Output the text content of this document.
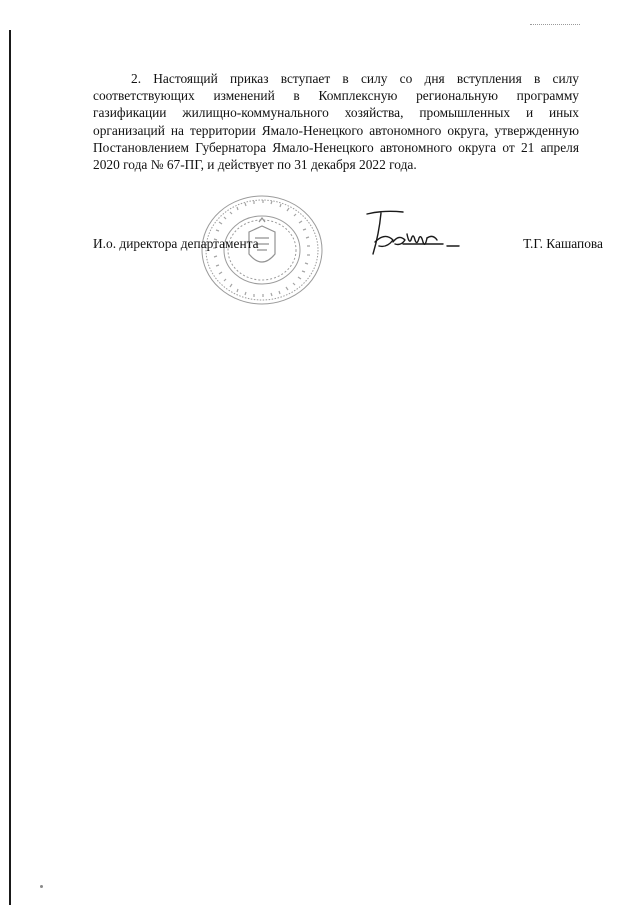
2. Настоящий приказ вступает в силу со дня вступления в силу соответствующих изменений в Комплексную региональную программу газификации жилищно-коммунального хозяйства, промышленных и иных организаций на территории Ямало-Ненецкого автономного округа, утвержденную Постановлением Губернатора Ямало-Ненецкого автономного округа от 21 апреля 2020 года № 67-ПГ, и действует по 31 декабря 2022 года.

И.о. директора департамента	Т.Г. Кашапова
